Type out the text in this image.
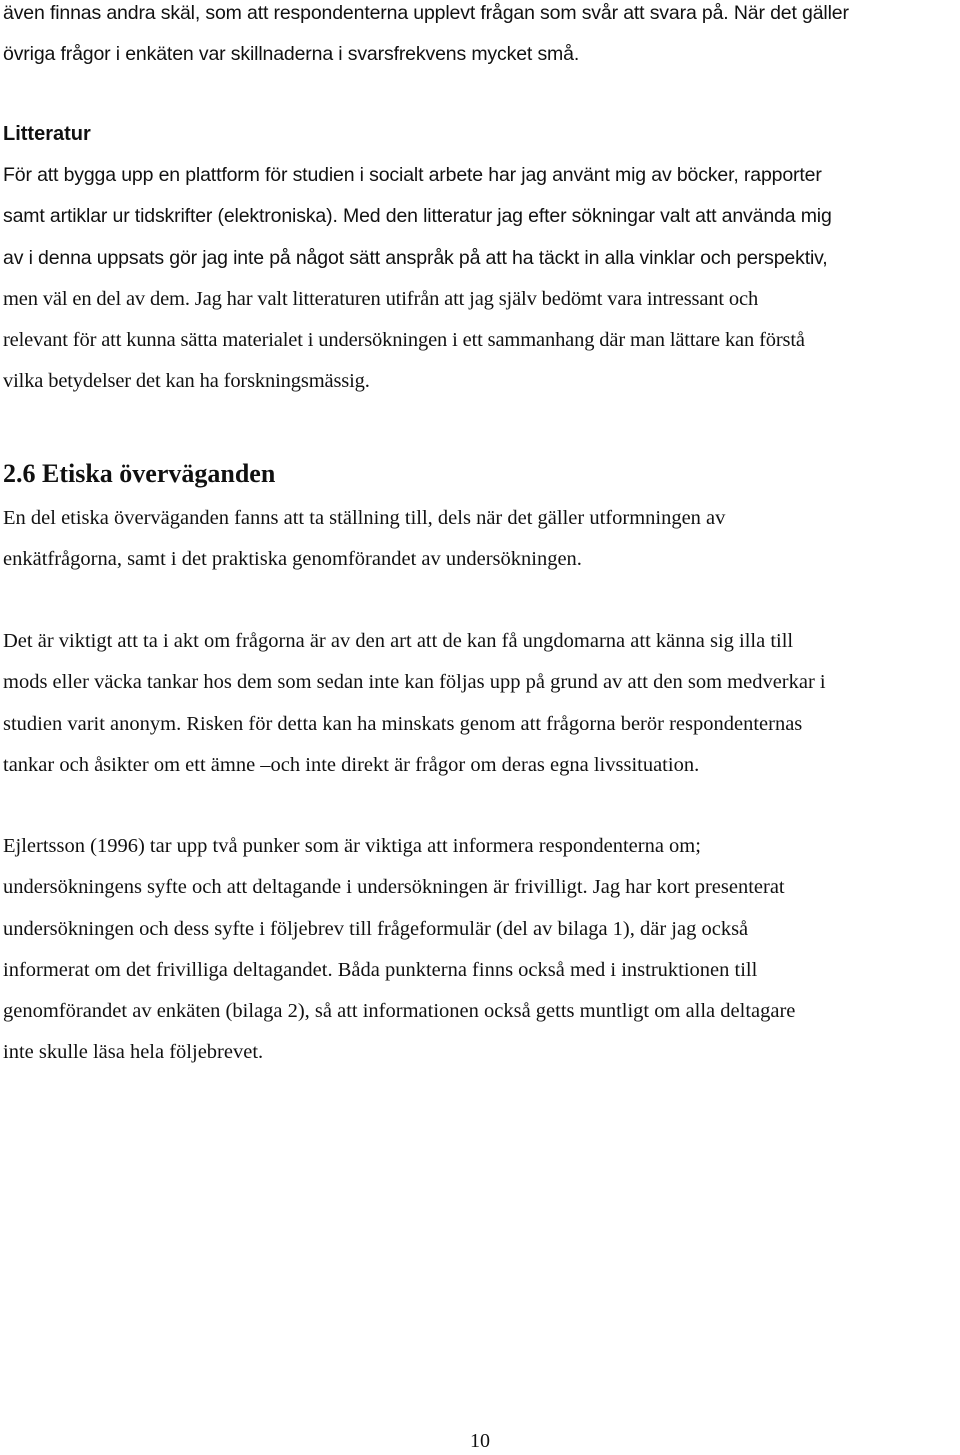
även finnas andra skäl, som att respondenterna upplevt frågan som svår att svara på. När det gäller
övriga frågor i enkäten var skillnaderna i svarsfrekvens mycket små.
Litteratur
För att bygga upp en plattform för studien i socialt arbete har jag använt mig av böcker, rapporter
samt artiklar ur tidskrifter (elektroniska). Med den litteratur jag efter sökningar valt att använda mig
av i denna uppsats gör jag inte på något sätt anspråk på att ha täckt in alla vinklar och perspektiv,
men väl en del av dem. Jag har valt litteraturen utifrån att jag själv bedömt vara intressant och
relevant för att kunna sätta materialet i undersökningen i ett sammanhang där man lättare kan förstå
vilka betydelser det kan ha forskningsmässig.
2.6 Etiska överväganden
En del etiska överväganden fanns att ta ställning till, dels när det gäller utformningen av
enkätfrågorna, samt i det praktiska genomförandet av undersökningen.
Det är viktigt att ta i akt om frågorna är av den art att de kan få ungdomarna att känna sig illa till
mods eller väcka tankar hos dem som sedan inte kan följas upp på grund av att den som medverkar i
studien varit anonym. Risken för detta kan ha minskats genom att frågorna berör respondenternas
tankar och åsikter om ett ämne –och inte direkt är frågor om deras egna livssituation.
Ejlertsson (1996) tar upp två punker som är viktiga att informera respondenterna om;
undersökningens syfte och att deltagande i undersökningen är frivilligt. Jag har kort presenterat
undersökningen och dess syfte i följebrev till frågeformulär (del av bilaga 1), där jag också
informerat om det frivilliga deltagandet. Båda punkterna finns också med i instruktionen till
genomförandet av enkäten (bilaga 2), så att informationen också getts muntligt om alla deltagare
inte skulle läsa hela följebrevet.
10
